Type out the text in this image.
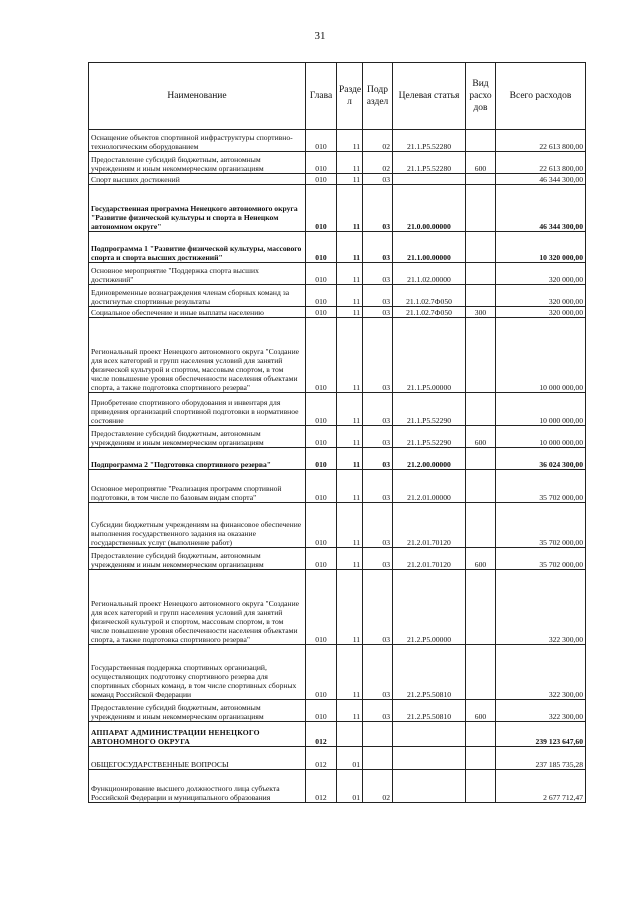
31
Наименование	Глава	Разде л	Подр аздел	Целевая статья	Вид расхо дов	Всего расходов
Оснащение объектов спортивной инфраструктуры спортивно-технологическим оборудованием	010	11	02	21.1.P5.52280		22 613 800,00
Предоставление субсидий бюджетным, автономным учреждениям и иным некоммерческим организациям	010	11	02	21.1.P5.52280	600	22 613 800,00
Спорт высших достижений	010	11	03			46 344 300,00
Государственная программа Ненецкого автономного округа "Развитие физической культуры и спорта в Ненецком автономном округе"	010	11	03	21.0.00.00000		46 344 300,00
Подпрограмма 1 "Развитие физической культуры, массового спорта и спорта высших достижений"	010	11	03	21.1.00.00000		10 320 000,00
Основное мероприятие "Поддержка спорта высших достижений"	010	11	03	21.1.02.00000		320 000,00
Единовременные вознаграждения членам сборных команд за достигнутые спортивные результаты	010	11	03	21.1.02.7Ф050		320 000,00
Социальное обеспечение и иные выплаты населению	010	11	03	21.1.02.7Ф050	300	320 000,00
Региональный проект Ненецкого автономного округа "Создание для всех категорий и групп населения условий для занятий физической культурой и спортом, массовым спортом, в том числе повышение уровня обеспеченности населения объектами спорта, а также подготовка спортивного резерва"	010	11	03	21.1.P5.00000		10 000 000,00
Приобретение спортивного оборудования и инвентаря для приведения организаций спортивной подготовки в нормативное состояние	010	11	03	21.1.P5.52290		10 000 000,00
Предоставление субсидий бюджетным, автономным учреждениям и иным некоммерческим организациям	010	11	03	21.1.P5.52290	600	10 000 000,00
Подпрограмма 2 "Подготовка спортивного резерва"	010	11	03	21.2.00.00000		36 024 300,00
Основное мероприятие "Реализация программ спортивной подготовки, в том числе по базовым видам спорта"	010	11	03	21.2.01.00000		35 702 000,00
Субсидии бюджетным учреждениям на финансовое обеспечение выполнения государственного задания на оказание государственных услуг (выполнение работ)	010	11	03	21.2.01.70120		35 702 000,00
Предоставление субсидий бюджетным, автономным учреждениям и иным некоммерческим организациям	010	11	03	21.2.01.70120	600	35 702 000,00
Региональный проект Ненецкого автономного округа "Создание для всех категорий и групп населения условий для занятий физической культурой и спортом, массовым спортом, в том числе повышение уровня обеспеченности населения объектами спорта, а также подготовка спортивного резерва"	010	11	03	21.2.P5.00000		322 300,00
Государственная поддержка спортивных организаций, осуществляющих подготовку спортивного резерва для спортивных сборных команд, в том числе спортивных сборных команд Российской Федерации	010	11	03	21.2.P5.50810		322 300,00
Предоставление субсидий бюджетным, автономным учреждениям и иным некоммерческим организациям	010	11	03	21.2.P5.50810	600	322 300,00
АППАРАТ АДМИНИСТРАЦИИ НЕНЕЦКОГО АВТОНОМНОГО ОКРУГА	012					239 123 647,60
ОБЩЕГОСУДАРСТВЕННЫЕ ВОПРОСЫ	012	01				237 185 735,28
Функционирование высшего должностного лица субъекта Российской Федерации и муниципального образования	012	01	02			2 677 712,47
